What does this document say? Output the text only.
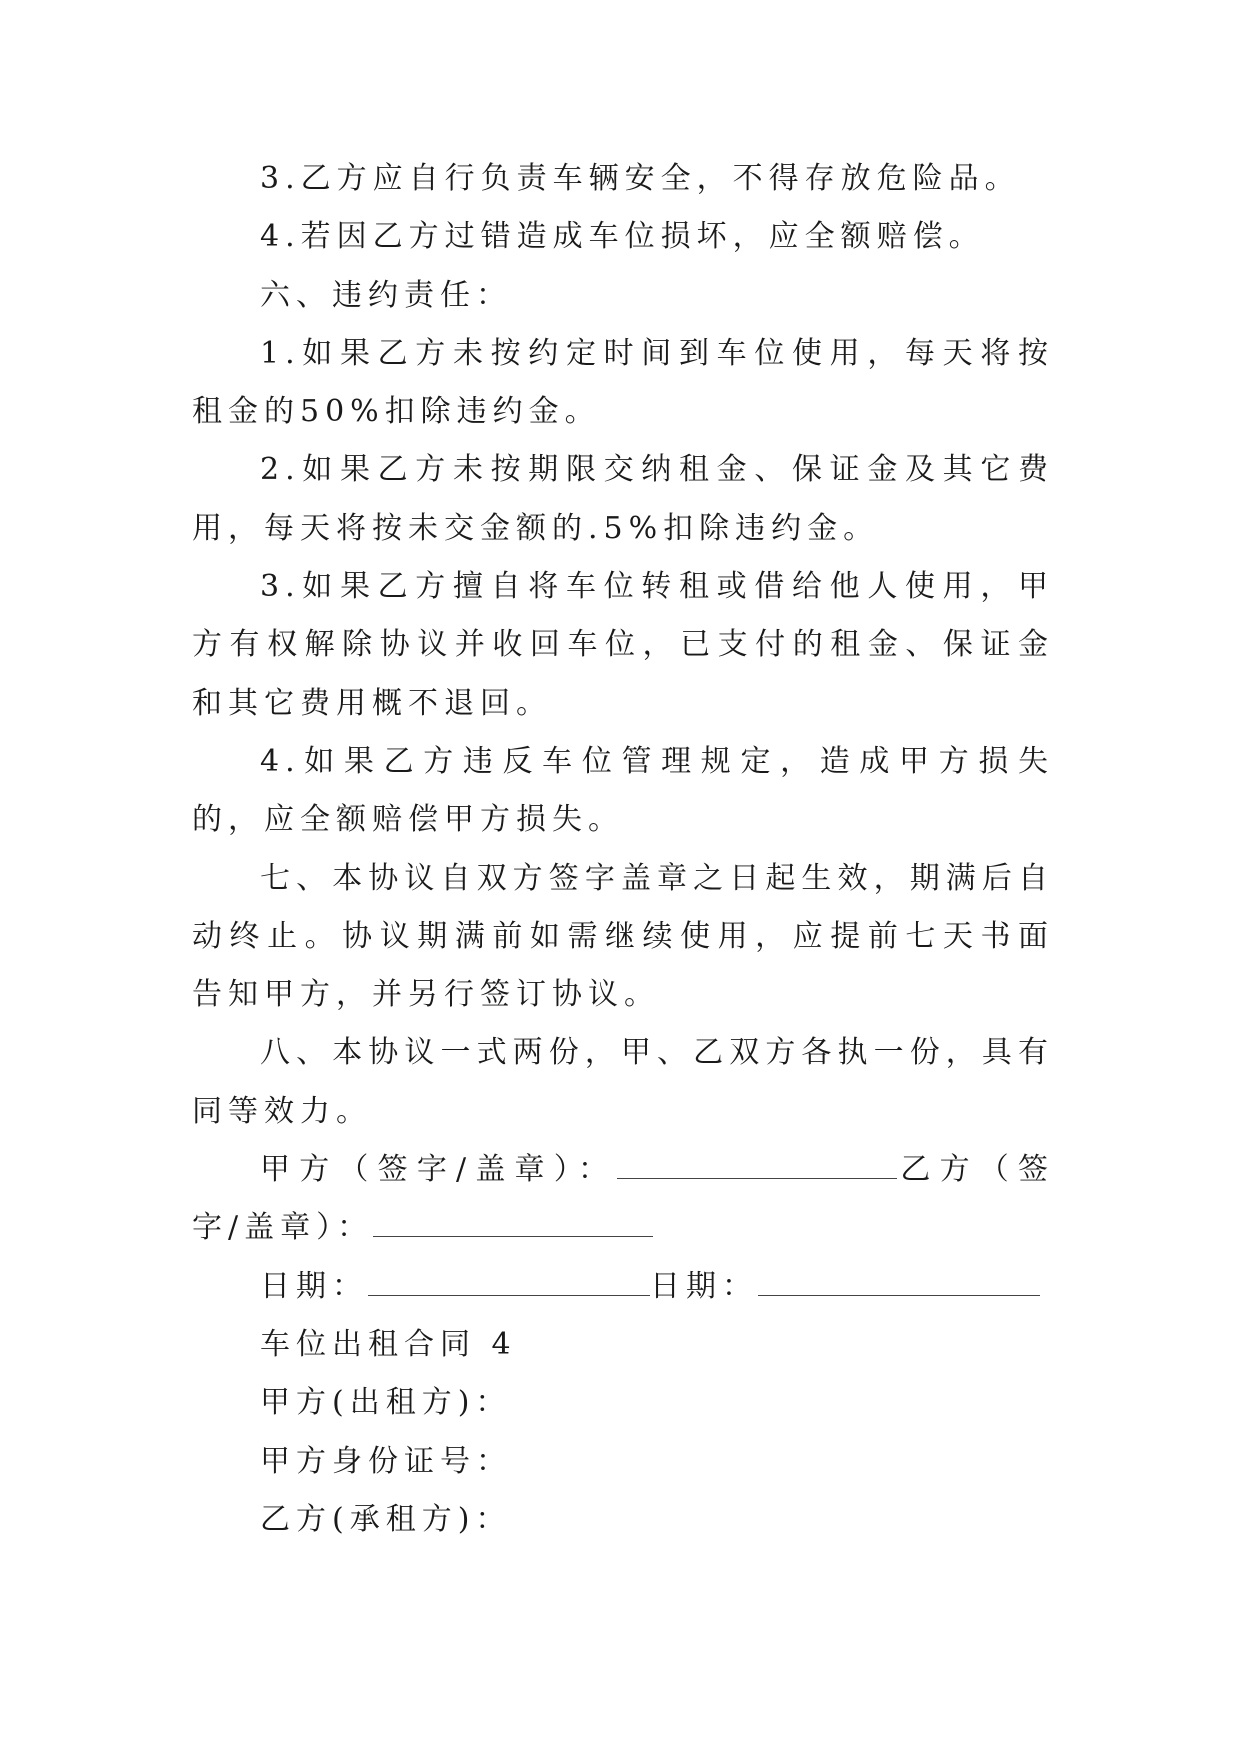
3.乙方应自行负责车辆安全，不得存放危险品。

4.若因乙方过错造成车位损坏，应全额赔偿。

六、违约责任：

1.如果乙方未按约定时间到车位使用，每天将按租金的50%扣除违约金。

2.如果乙方未按期限交纳租金、保证金及其它费用，每天将按未交金额的.5%扣除违约金。

3.如果乙方擅自将车位转租或借给他人使用，甲方有权解除协议并收回车位，已支付的租金、保证金和其它费用概不退回。

4.如果乙方违反车位管理规定，造成甲方损失的，应全额赔偿甲方损失。

七、本协议自双方签字盖章之日起生效，期满后自动终止。协议期满前如需继续使用，应提前七天书面告知甲方，并另行签订协议。

八、本协议一式两份，甲、乙双方各执一份，具有同等效力。

甲方（签字/盖章）：	乙方（签字/盖章）：

日期：	日期：

车位出租合同 4

甲方(出租方)：

甲方身份证号：

乙方(承租方)：
